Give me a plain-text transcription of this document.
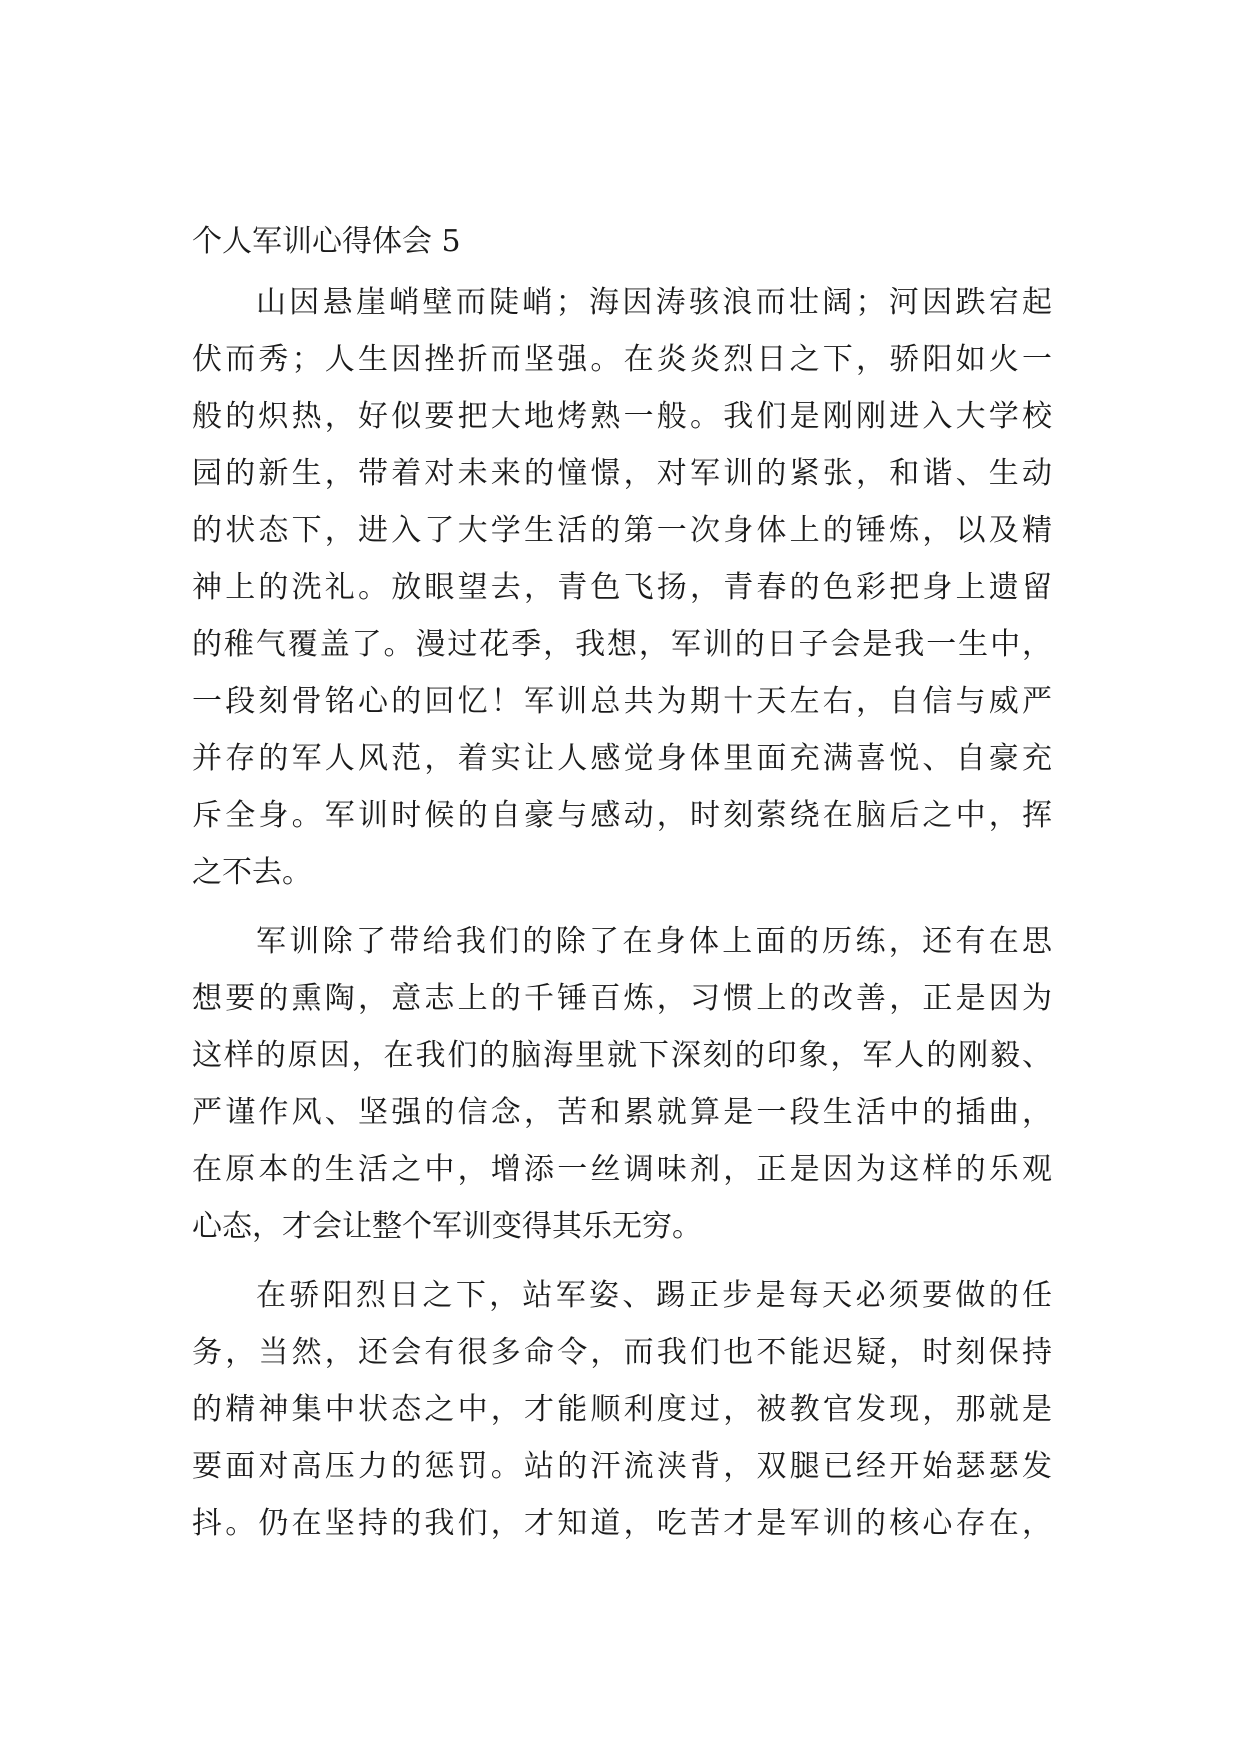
个人军训心得体会 5
山因悬崖峭壁而陡峭；海因涛骇浪而壮阔；河因跌宕起
伏而秀；人生因挫折而坚强。在炎炎烈日之下，骄阳如火一
般的炽热，好似要把大地烤熟一般。我们是刚刚进入大学校
园的新生，带着对未来的憧憬，对军训的紧张，和谐、生动
的状态下，进入了大学生活的第一次身体上的锤炼，以及精
神上的洗礼。放眼望去，青色飞扬，青春的色彩把身上遗留
的稚气覆盖了。漫过花季，我想，军训的日子会是我一生中，
一段刻骨铭心的回忆！军训总共为期十天左右，自信与威严
并存的军人风范，着实让人感觉身体里面充满喜悦、自豪充
斥全身。军训时候的自豪与感动，时刻萦绕在脑后之中，挥
之不去。
军训除了带给我们的除了在身体上面的历练，还有在思
想要的熏陶，意志上的千锤百炼，习惯上的改善，正是因为
这样的原因，在我们的脑海里就下深刻的印象，军人的刚毅、
严谨作风、坚强的信念，苦和累就算是一段生活中的插曲，
在原本的生活之中，增添一丝调味剂，正是因为这样的乐观
心态，才会让整个军训变得其乐无穷。
在骄阳烈日之下，站军姿、踢正步是每天必须要做的任
务，当然，还会有很多命令，而我们也不能迟疑，时刻保持
的精神集中状态之中，才能顺利度过，被教官发现，那就是
要面对高压力的惩罚。站的汗流浃背，双腿已经开始瑟瑟发
抖。仍在坚持的我们，才知道，吃苦才是军训的核心存在，
